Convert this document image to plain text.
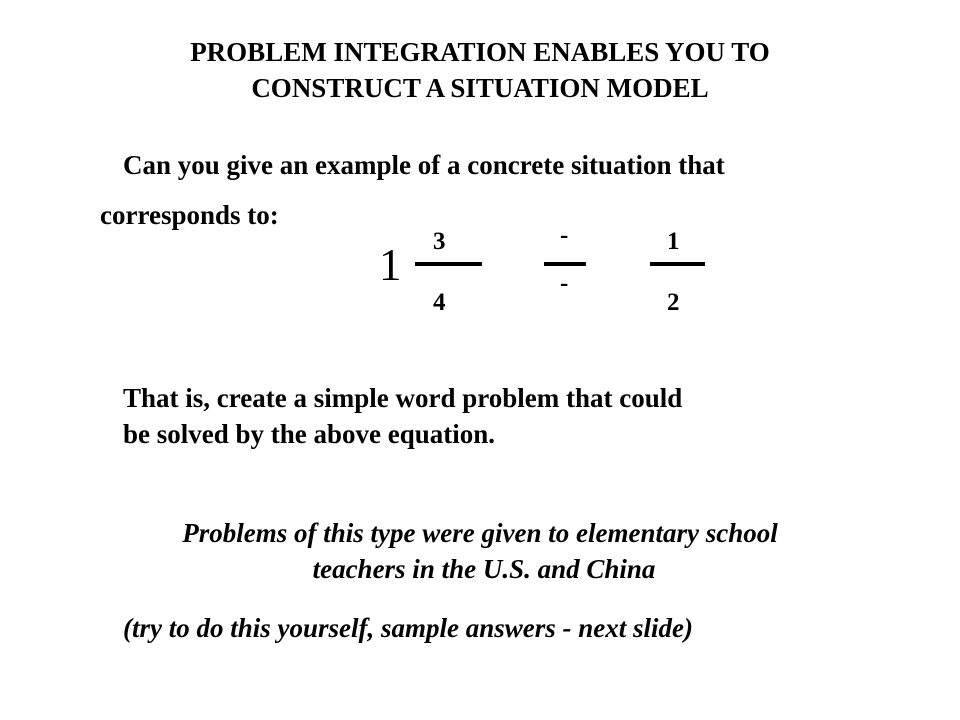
PROBLEM INTEGRATION ENABLES YOU TO
CONSTRUCT A SITUATION MODEL
Can you give an example of a concrete situation that
corresponds to:
1 3
4
-
-
1
2
That is, create a simple word problem that could
be solved by the above equation.
Problems of this type were given to elementary school
teachers in the U.S. and China
(try to do this yourself, sample answers - next slide)
